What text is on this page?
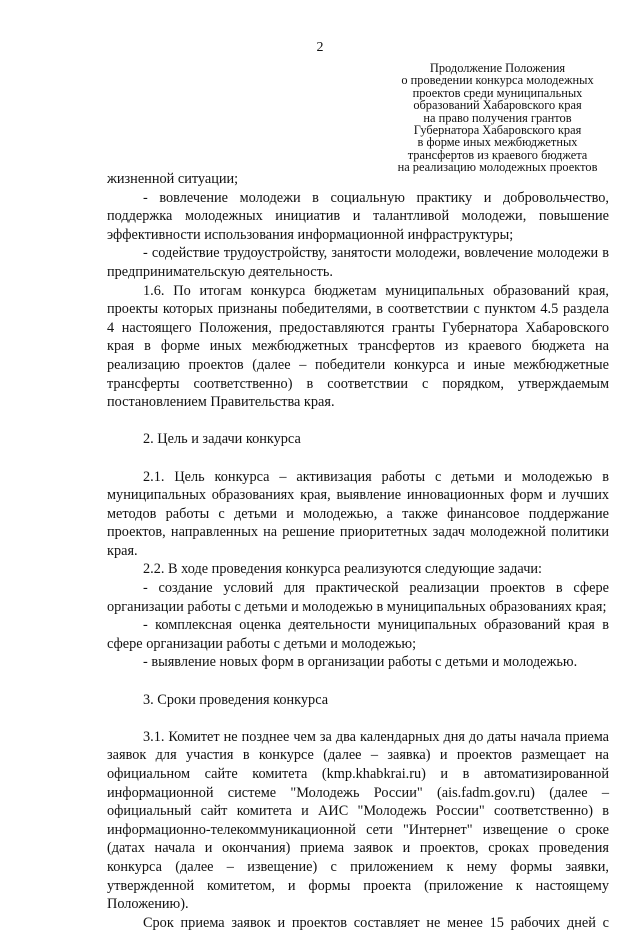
2
Продолжение Положения
о проведении конкурса молодежных
проектов среди муниципальных
образований Хабаровского края
на право получения грантов
Губернатора Хабаровского края
в форме иных межбюджетных
трансфертов из краевого бюджета
на реализацию молодежных проектов

жизненной ситуации;

- вовлечение молодежи в социальную практику и добровольчество, поддержка молодежных инициатив и талантливой молодежи, повышение эффективности использования информационной инфраструктуры;

- содействие трудоустройству, занятости молодежи, вовлечение молодежи в предпринимательскую деятельность.

1.6. По итогам конкурса бюджетам муниципальных образований края, проекты которых признаны победителями, в соответствии с пунктом 4.5 раздела 4 настоящего Положения, предоставляются гранты Губернатора Хабаровского края в форме иных межбюджетных трансфертов из краевого бюджета на реализацию проектов (далее – победители конкурса и иные межбюджетные трансферты соответственно) в соответствии с порядком, утверждаемым постановлением Правительства края.

2. Цель и задачи конкурса

2.1. Цель конкурса – активизация работы с детьми и молодежью в муниципальных образованиях края, выявление инновационных форм и лучших методов работы с детьми и молодежью, а также финансовое поддержание проектов, направленных на решение приоритетных задач молодежной политики края.

2.2. В ходе проведения конкурса реализуются следующие задачи:

- создание условий для практической реализации проектов в сфере организации работы с детьми и молодежью в муниципальных образованиях края;

- комплексная оценка деятельности муниципальных образований края в сфере организации работы с детьми и молодежью;

- выявление новых форм в организации работы с детьми и молодежью.

3. Сроки проведения конкурса

3.1. Комитет не позднее чем за два календарных дня до даты начала приема заявок для участия в конкурсе (далее – заявка) и проектов размещает на официальном сайте комитета (kmp.khabkrai.ru) и в автоматизированной информационной системе "Молодежь России" (ais.fadm.gov.ru) (далее – официальный сайт комитета и АИС "Молодежь России" соответственно) в информационно-телекоммуникационной сети "Интернет" извещение о сроке (датах начала и окончания) приема заявок и проектов, сроках проведения конкурса (далее – извещение) с приложением к нему формы заявки, утвержденной комитетом, и формы проекта (приложение к настоящему Положению).

Срок приема заявок и проектов составляет не менее 15 рабочих дней с
